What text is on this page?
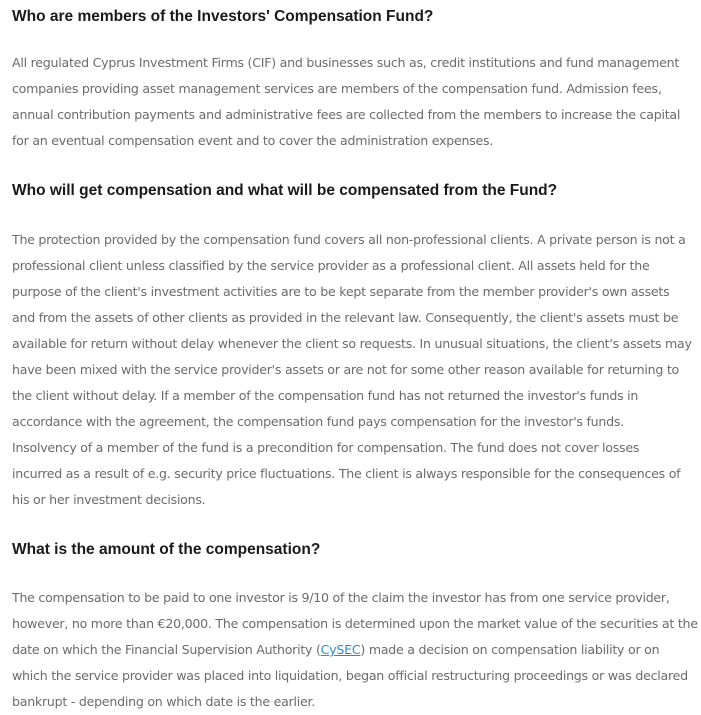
Who are members of the Investors' Compensation Fund?

All regulated Cyprus Investment Firms (CIF) and businesses such as, credit institutions and fund management
companies providing asset management services are members of the compensation fund. Admission fees,
annual contribution payments and administrative fees are collected from the members to increase the capital
for an eventual compensation event and to cover the administration expenses.

Who will get compensation and what will be compensated from the Fund?

The protection provided by the compensation fund covers all non-professional clients. A private person is not a
professional client unless classified by the service provider as a professional client. All assets held for the
purpose of the client's investment activities are to be kept separate from the member provider's own assets
and from the assets of other clients as provided in the relevant law. Consequently, the client's assets must be
available for return without delay whenever the client so requests. In unusual situations, the client's assets may
have been mixed with the service provider's assets or are not for some other reason available for returning to
the client without delay. If a member of the compensation fund has not returned the investor's funds in
accordance with the agreement, the compensation fund pays compensation for the investor's funds.
Insolvency of a member of the fund is a precondition for compensation. The fund does not cover losses
incurred as a result of e.g. security price fluctuations. The client is always responsible for the consequences of
his or her investment decisions.

What is the amount of the compensation?

The compensation to be paid to one investor is 9/10 of the claim the investor has from one service provider,
however, no more than €20,000. The compensation is determined upon the market value of the securities at the
date on which the Financial Supervision Authority (CySEC) made a decision on compensation liability or on
which the service provider was placed into liquidation, began official restructuring proceedings or was declared
bankrupt - depending on which date is the earlier.
